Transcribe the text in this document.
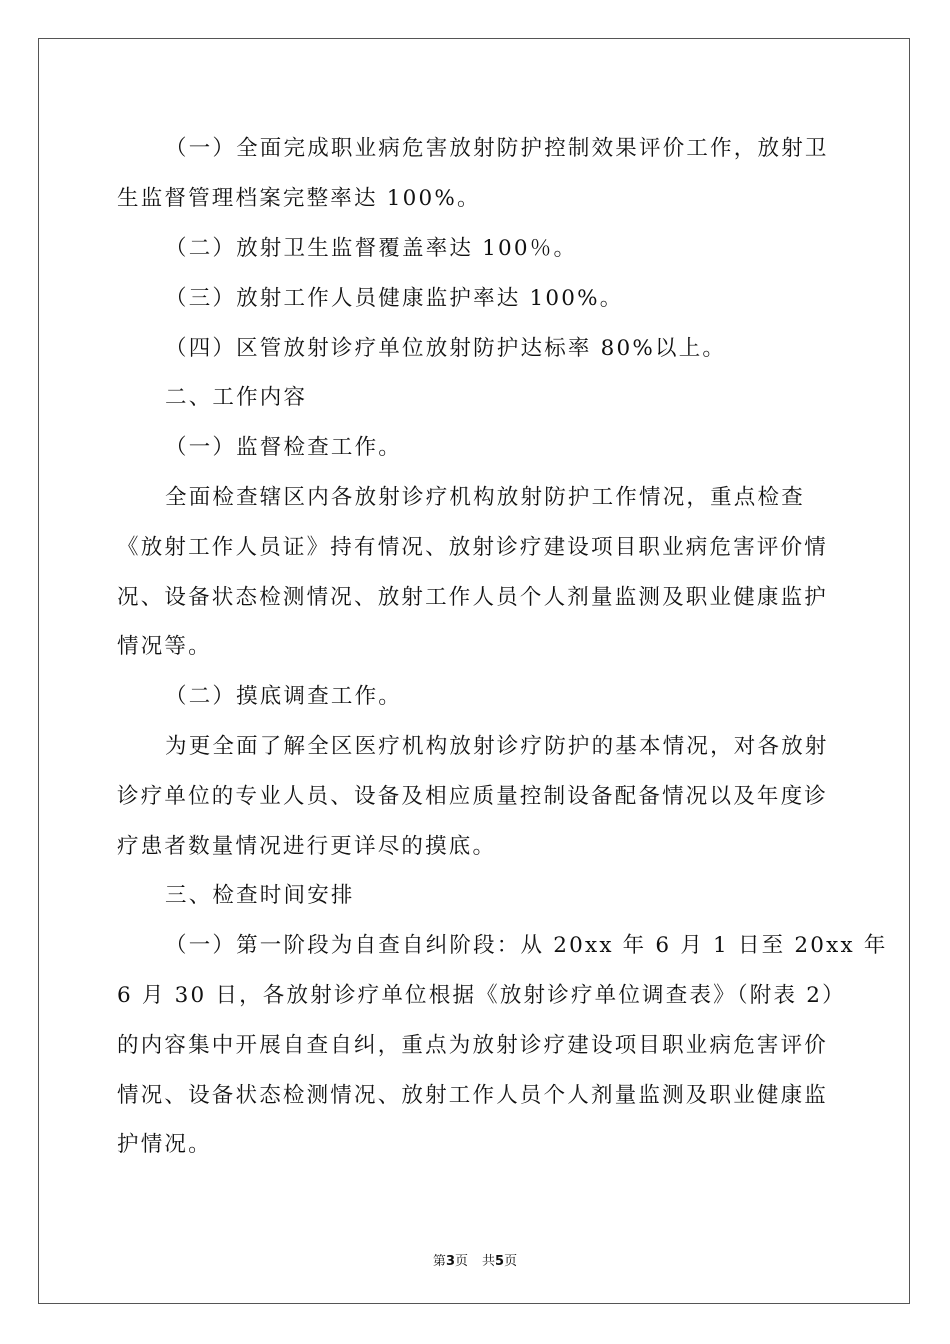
（一）全面完成职业病危害放射防护控制效果评价工作，放射卫
生监督管理档案完整率达 100%。
（二）放射卫生监督覆盖率达 100％。
（三）放射工作人员健康监护率达 100%。
（四）区管放射诊疗单位放射防护达标率 80%以上。
二、工作内容
（一）监督检查工作。
全面检查辖区内各放射诊疗机构放射防护工作情况，重点检查
《放射工作人员证》持有情况、放射诊疗建设项目职业病危害评价情
况、设备状态检测情况、放射工作人员个人剂量监测及职业健康监护
情况等。
（二）摸底调查工作。
为更全面了解全区医疗机构放射诊疗防护的基本情况，对各放射
诊疗单位的专业人员、设备及相应质量控制设备配备情况以及年度诊
疗患者数量情况进行更详尽的摸底。
三、检查时间安排
（一）第一阶段为自查自纠阶段：从 20xx 年 6 月 1 日至 20xx 年
6 月 30 日，各放射诊疗单位根据《放射诊疗单位调查表》（附表 2）
的内容集中开展自查自纠，重点为放射诊疗建设项目职业病危害评价
情况、设备状态检测情况、放射工作人员个人剂量监测及职业健康监
护情况。
第3页 共5页
